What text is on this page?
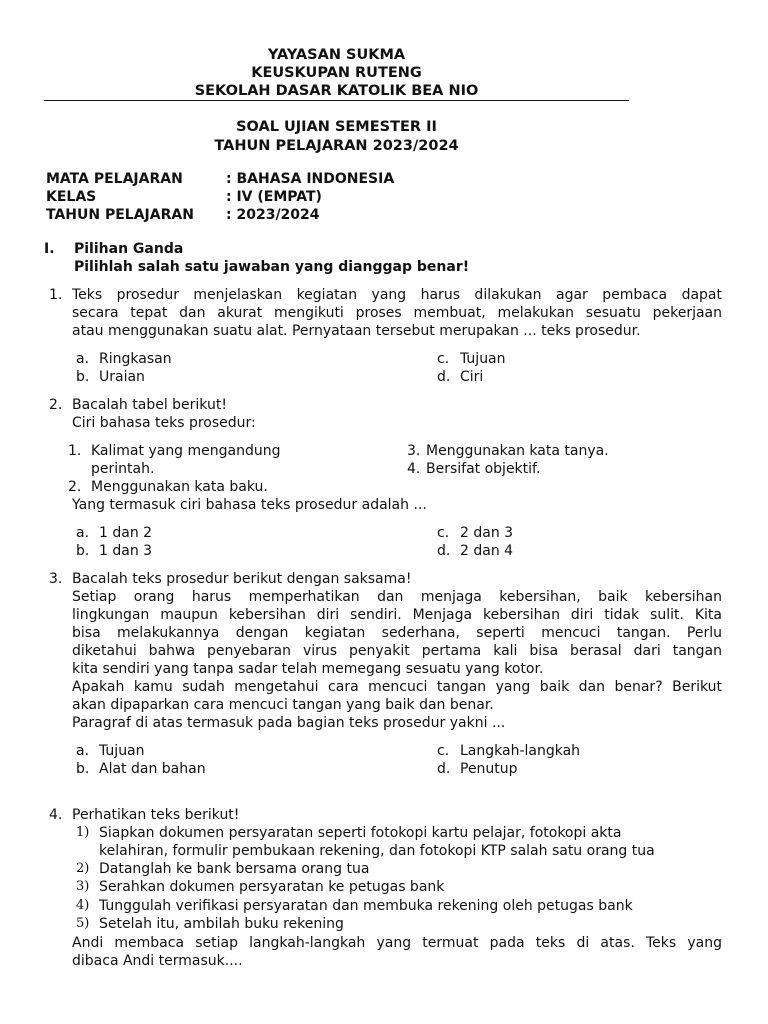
YAYASAN SUKMA
KEUSKUPAN RUTENG
SEKOLAH DASAR KATOLIK BEA NIO
SOAL UJIAN SEMESTER II
TAHUN PELAJARAN 2023/2024
MATA PELAJARAN	: BAHASA INDONESIA
KELAS	: IV (EMPAT)
TAHUN PELAJARAN : 2023/2024
I. Pilihan Ganda
Pilihlah salah satu jawaban yang dianggap benar!
1. Teks prosedur menjelaskan kegiatan yang harus dilakukan agar pembaca dapat
secara tepat dan akurat mengikuti proses membuat, melakukan sesuatu pekerjaan
atau menggunakan suatu alat. Pernyataan tersebut merupakan ... teks prosedur.
a. Ringkasan
b. Uraian
c. Tujuan
d. Ciri
2. Bacalah tabel berikut!
Ciri bahasa teks prosedur:
1. Kalimat yang mengandung
perintah.
2. Menggunakan kata baku.
3. Menggunakan kata tanya.
4. Bersifat objektif.
Yang termasuk ciri bahasa teks prosedur adalah ...
a. 1 dan 2
b. 1 dan 3
c. 2 dan 3
d. 2 dan 4
3. Bacalah teks prosedur berikut dengan saksama!
Setiap orang harus memperhatikan dan menjaga kebersihan, baik kebersihan
lingkungan maupun kebersihan diri sendiri. Menjaga kebersihan diri tidak sulit. Kita
bisa melakukannya dengan kegiatan sederhana, seperti mencuci tangan. Perlu
diketahui bahwa penyebaran virus penyakit pertama kali bisa berasal dari tangan
kita sendiri yang tanpa sadar telah memegang sesuatu yang kotor.
Apakah kamu sudah mengetahui cara mencuci tangan yang baik dan benar? Berikut
akan dipaparkan cara mencuci tangan yang baik dan benar.
Paragraf di atas termasuk pada bagian teks prosedur yakni ...
a. Tujuan
b. Alat dan bahan
c. Langkah-langkah
d. Penutup
4. Perhatikan teks berikut!
1) Siapkan dokumen persyaratan seperti fotokopi kartu pelajar, fotokopi akta
kelahiran, formulir pembukaan rekening, dan fotokopi KTP salah satu orang tua
2) Datanglah ke bank bersama orang tua
3) Serahkan dokumen persyaratan ke petugas bank
4) Tunggulah verifikasi persyaratan dan membuka rekening oleh petugas bank
5) Setelah itu, ambilah buku rekening
Andi membaca setiap langkah-langkah yang termuat pada teks di atas. Teks yang
dibaca Andi termasuk....
